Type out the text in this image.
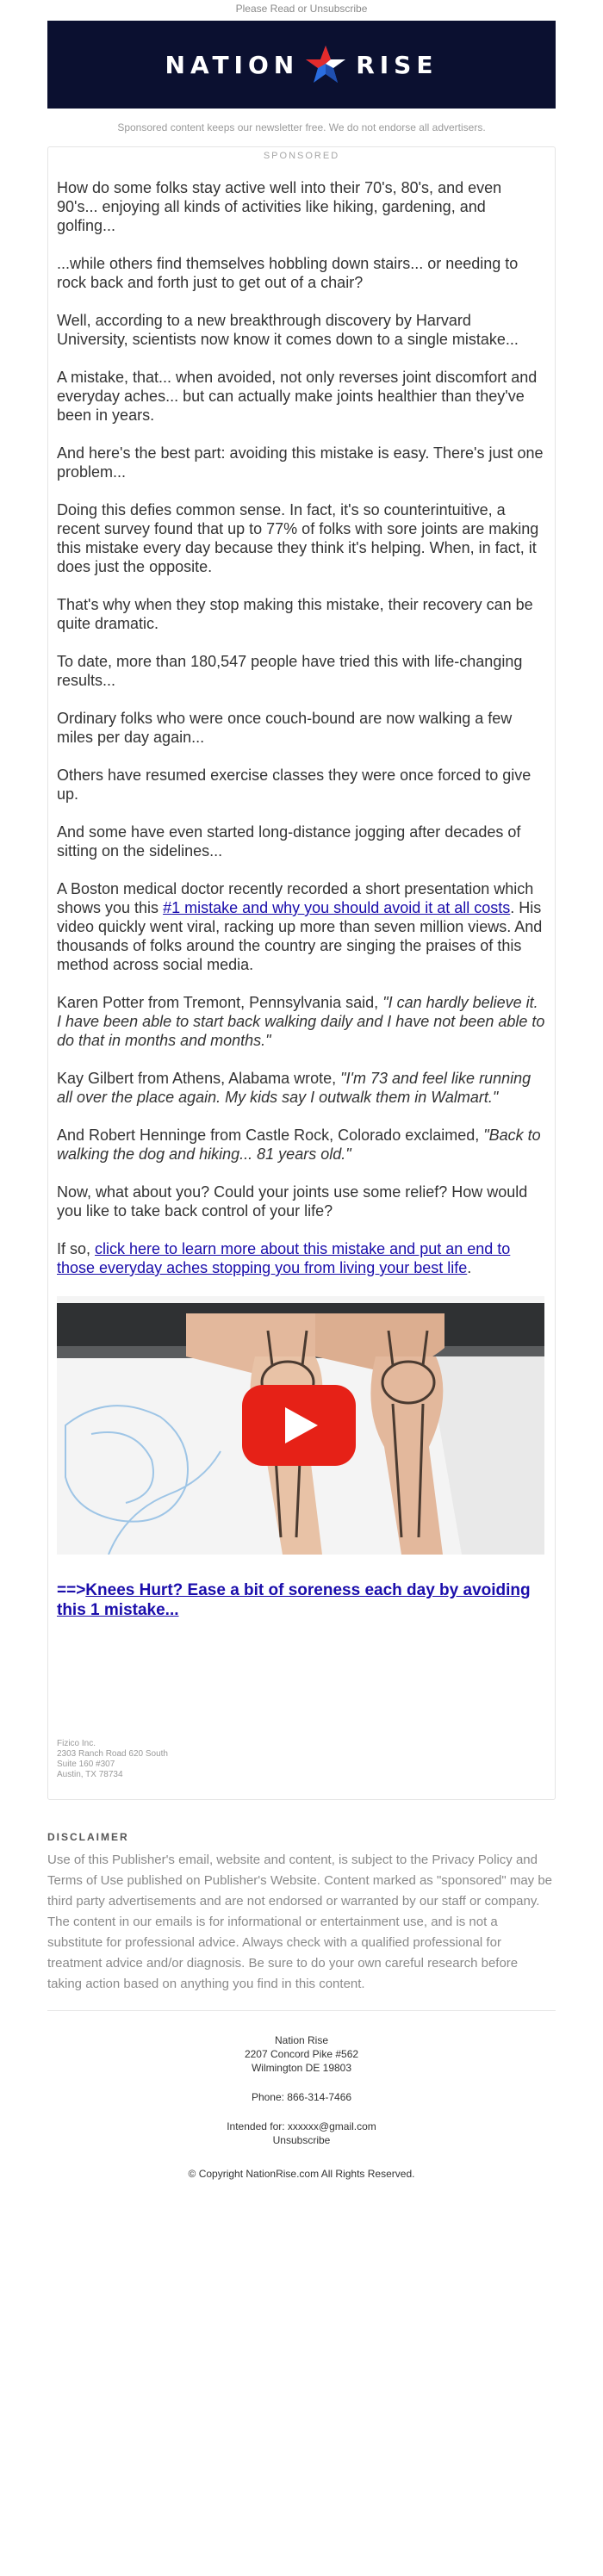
Please Read or Unsubscribe
NATION RISE
Sponsored content keeps our newsletter free. We do not endorse all advertisers.
SPONSORED

How do some folks stay active well into their 70's, 80's, and even 90's... enjoying all kinds of activities like hiking, gardening, and golfing...

...while others find themselves hobbling down stairs... or needing to rock back and forth just to get out of a chair?

Well, according to a new breakthrough discovery by Harvard University, scientists now know it comes down to a single mistake...

A mistake, that... when avoided, not only reverses joint discomfort and everyday aches... but can actually make joints healthier than they've been in years.

And here's the best part: avoiding this mistake is easy. There's just one problem...

Doing this defies common sense. In fact, it's so counterintuitive, a recent survey found that up to 77% of folks with sore joints are making this mistake every day because they think it's helping. When, in fact, it does just the opposite.

That's why when they stop making this mistake, their recovery can be quite dramatic.

To date, more than 180,547 people have tried this with life-changing results...

Ordinary folks who were once couch-bound are now walking a few miles per day again...

Others have resumed exercise classes they were once forced to give up.

And some have even started long-distance jogging after decades of sitting on the sidelines...

A Boston medical doctor recently recorded a short presentation which shows you this #1 mistake and why you should avoid it at all costs. His video quickly went viral, racking up more than seven million views. And thousands of folks around the country are singing the praises of this method across social media.

Karen Potter from Tremont, Pennsylvania said, "I can hardly believe it. I have been able to start back walking daily and I have not been able to do that in months and months."

Kay Gilbert from Athens, Alabama wrote, "I'm 73 and feel like running all over the place again. My kids say I outwalk them in Walmart."

And Robert Henninge from Castle Rock, Colorado exclaimed, "Back to walking the dog and hiking... 81 years old."

Now, what about you? Could your joints use some relief? How would you like to take back control of your life?

If so, click here to learn more about this mistake and put an end to those everyday aches stopping you from living your best life.

==>Knees Hurt? Ease a bit of soreness each day by avoiding this 1 mistake...
Fizico Inc.
2303 Ranch Road 620 South
Suite 160 #307
Austin, TX 78734
DISCLAIMER

Use of this Publisher's email, website and content, is subject to the Privacy Policy and Terms of Use published on Publisher's Website. Content marked as "sponsored" may be third party advertisements and are not endorsed or warranted by our staff or company. The content in our emails is for informational or entertainment use, and is not a substitute for professional advice. Always check with a qualified professional for treatment advice and/or diagnosis. Be sure to do your own careful research before taking action based on anything you find in this content.

Nation Rise
2207 Concord Pike #562
Wilmington DE 19803
Phone: 866-314-7466
Intended for: xxxxxx@gmail.com
Unsubscribe
© Copyright NationRise.com All Rights Reserved.
